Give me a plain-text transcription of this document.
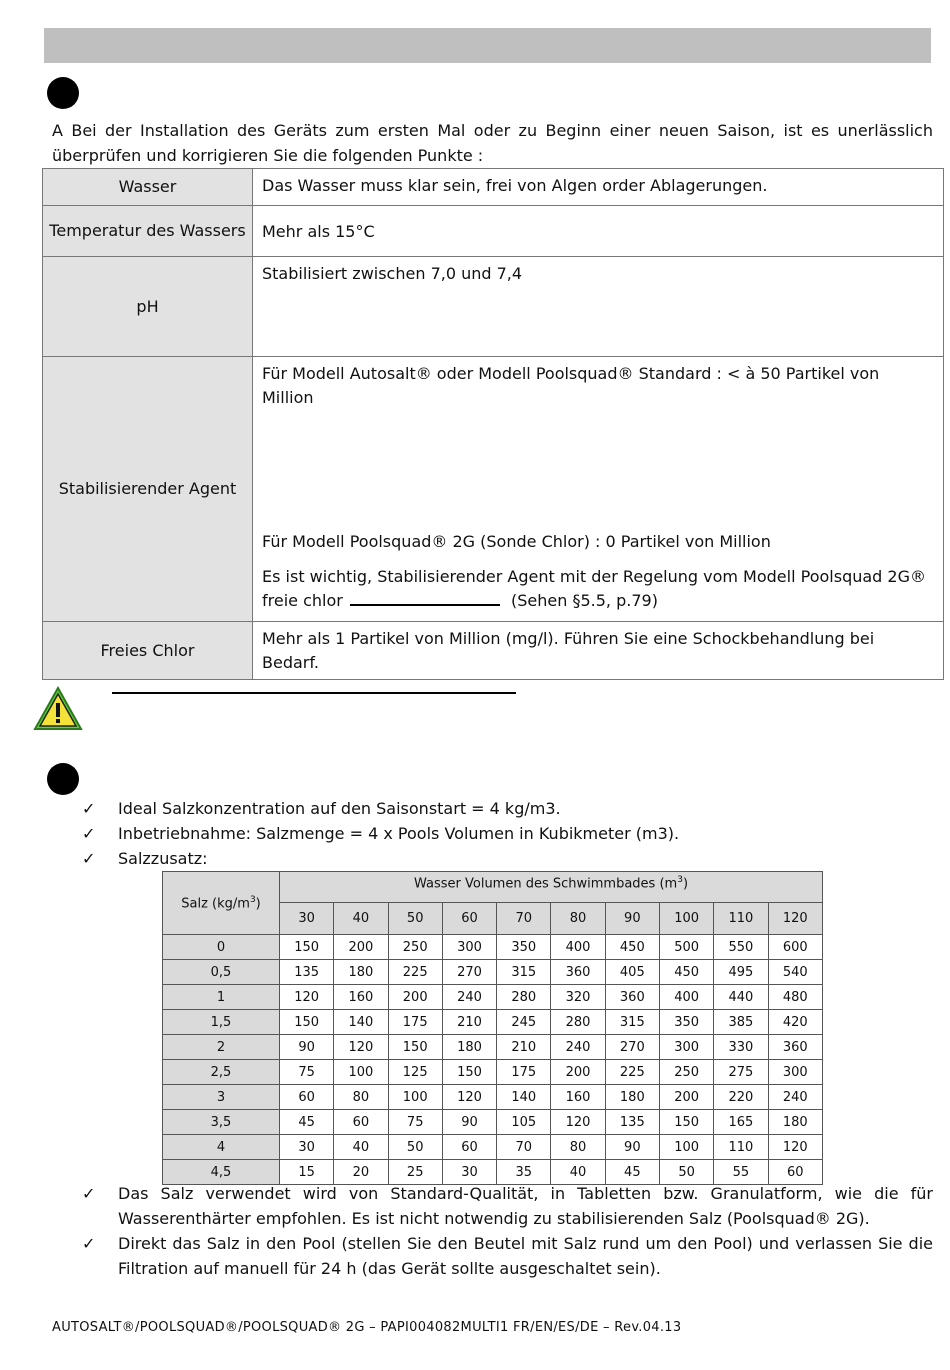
A Bei der Installation des Geräts zum ersten Mal oder zu Beginn einer neuen Saison, ist es unerlässlich überprüfen und korrigieren Sie die folgenden Punkte :
Wasser	Das Wasser muss klar sein, frei von Algen order Ablagerungen.
Temperatur des Wassers	Mehr als 15°C
pH	Stabilisiert zwischen 7,0 und 7,4
Stabilisierender Agent	Für Modell Autosalt® oder Modell Poolsquad® Standard : < à 50 Partikel von Million
Für Modell Poolsquad® 2G (Sonde Chlor) : 0 Partikel von Million
Es ist wichtig, Stabilisierender Agent mit der Regelung vom Modell Poolsquad 2G® freie chlor (Sehen §5.5, p.79)

Freies Chlor	Mehr als 1 Partikel von Million (mg/l). Führen Sie eine Schockbehandlung bei Bedarf.
✓ Ideal Salzkonzentration auf den Saisonstart = 4 kg/m3.
✓ Inbetriebnahme: Salzmenge = 4 x Pools Volumen in Kubikmeter (m3).
✓ Salzzusatz:
Salz $(kg/m^3)$	Wasser Volumen des Schwimmbades $(m^3)$									
	30	40	50	60	70	80	90	100	110	120
0	150	200	250	300	350	400	450	500	550	600
0,5	135	180	225	270	315	360	405	450	495	540
1	120	160	200	240	280	320	360	400	440	480
1,5	150	140	175	210	245	280	315	350	385	420
2	90	120	150	180	210	240	270	300	330	360
2,5	75	100	125	150	175	200	225	250	275	300
3	60	80	100	120	140	160	180	200	220	240
3,5	45	60	75	90	105	120	135	150	165	180
4	30	40	50	60	70	80	90	100	110	120
4,5	15	20	25	30	35	40	45	50	55	60
✓ Das Salz verwendet wird von Standard-Qualität, in Tabletten bzw. Granulatform, wie die für Wasserenthärter empfohlen. Es ist nicht notwendig zu stabilisierenden Salz (Poolsquad® 2G).
✓ Direkt das Salz in den Pool (stellen Sie den Beutel mit Salz rund um den Pool) und verlassen Sie die Filtration auf manuell für 24 h (das Gerät sollte ausgeschaltet sein).
AUTOSALT®/POOLSQUAD®/POOLSQUAD® 2G – PAPI004082MULTI1 FR/EN/ES/DE – Rev.04.13
